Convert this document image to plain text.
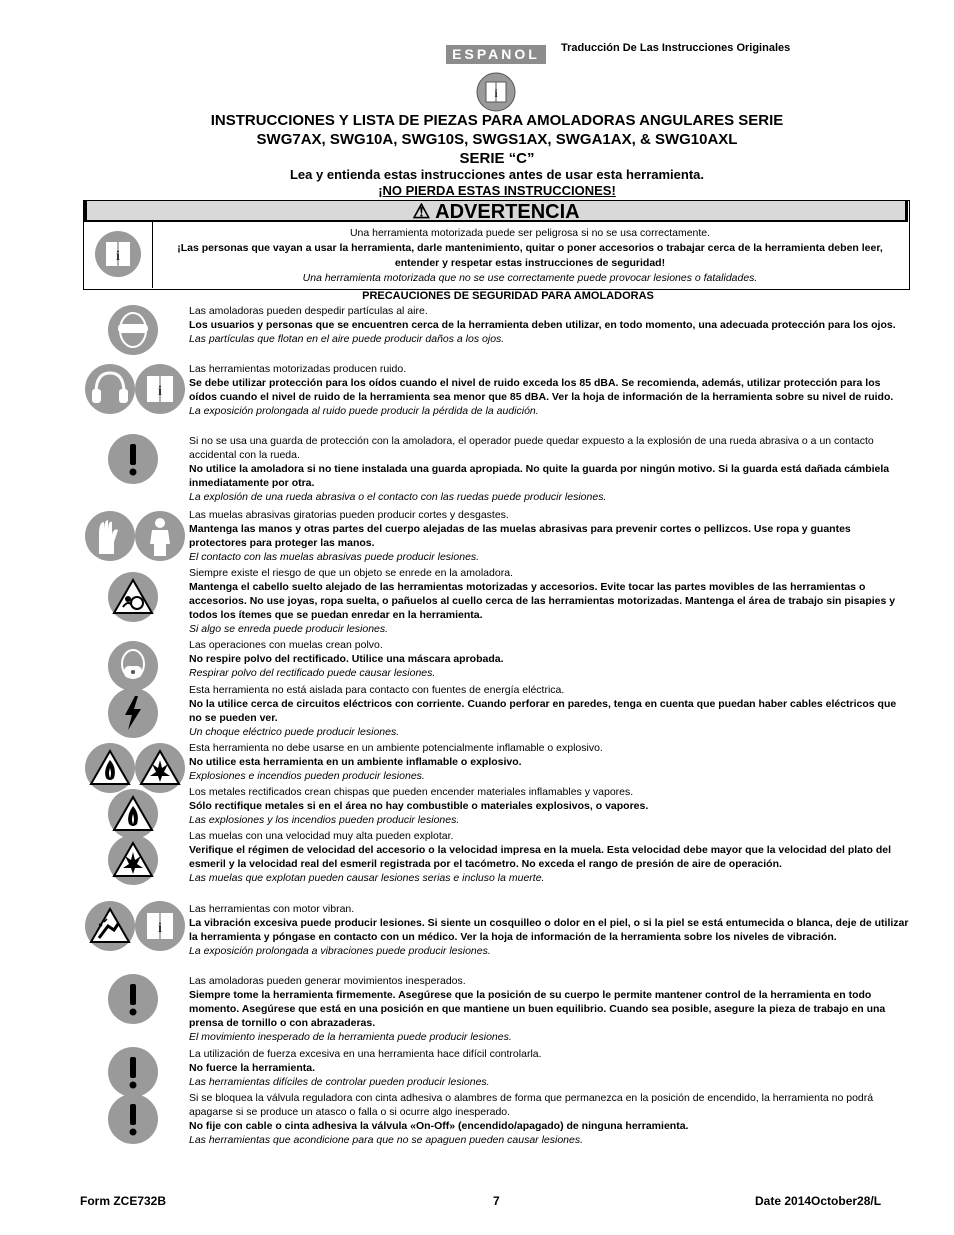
ESPANOL	Traducción De Las Instrucciones Originales
i
INSTRUCCIONES Y LISTA DE PIEZAS PARA AMOLADORAS ANGULARES SERIE
SWG7AX, SWG10A, SWG10S, SWGS1AX, SWGA1AX, & SWG10AXL
SERIE “C”
Lea y entienda estas instrucciones antes de usar esta herramienta.
¡NO PIERDA ESTAS INSTRUCCIONES!
⚠ ADVERTENCIA
i
Una herramienta motorizada puede ser peligrosa si no se usa correctamente.
¡Las personas que vayan a usar la herramienta, darle mantenimiento, quitar o poner accesorios o trabajar cerca de la herramienta deben leer, entender y respetar estas instrucciones de seguridad!
Una herramienta motorizada que no se use correctamente puede provocar lesiones o fatalidades.
PRECAUCIONES DE SEGURIDAD PARA AMOLADORAS
i
i

Las amoladoras pueden despedir partículas al aire.

Los usuarios y personas que se encuentren cerca de la herramienta deben utilizar, en todo momento, una adecuada protección para los ojos.

Las partículas que flotan en el aire puede producir daños a los ojos.

Las herramientas motorizadas producen ruido.

Se debe utilizar protección para los oídos cuando el nivel de ruido exceda los 85 dBA. Se recomienda, además, utilizar protección para los oídos cuando el nivel de ruido de la herramienta sea menor que 85 dBA. Ver la hoja de información de la herramienta sobre su nivel de ruido.

La exposición prolongada al ruido puede producir la pérdida de la audición.

Si no se usa una guarda de protección con la amoladora, el operador puede quedar expuesto a la explosión de una rueda abrasiva o a un contacto accidental con la rueda.

No utilice la amoladora si no tiene instalada una guarda apropiada. No quite la guarda por ningún motivo. Si la guarda está dañada cámbiela inmediatamente por otra.

La explosión de una rueda abrasiva o el contacto con las ruedas puede producir lesiones.

Las muelas abrasivas giratorias pueden producir cortes y desgastes.

Mantenga las manos y otras partes del cuerpo alejadas de las muelas abrasivas para prevenir cortes o pellizcos. Use ropa y guantes protectores para proteger las manos.

El contacto con las muelas abrasivas puede producir lesiones.

Siempre existe el riesgo de que un objeto se enrede en la amoladora.

Mantenga el cabello suelto alejado de las herramientas motorizadas y accesorios. Evite tocar las partes movibles de las herramientas o accesorios. No use joyas, ropa suelta, o pañuelos al cuello cerca de las herramientas motorizadas. Mantenga el área de trabajo sin pisapies y todos los ítemes que se puedan enredar en la herramienta.

Si algo se enreda puede producir lesiones.

Las operaciones con muelas crean polvo.

No respire polvo del rectificado. Utilice una máscara aprobada.

Respirar polvo del rectificado puede causar lesiones.

Esta herramienta no está aislada para contacto con fuentes de energía eléctrica.

No la utilice cerca de circuitos eléctricos con corriente. Cuando perforar en paredes, tenga en cuenta que puedan haber cables eléctricos que no se pueden ver.

Un choque eléctrico puede producir lesiones.

Esta herramienta no debe usarse en un ambiente potencialmente inflamable o explosivo.

No utilice esta herramienta en un ambiente inflamable o explosivo.

Explosiones e incendios pueden producir lesiones.

Los metales rectificados crean chispas que pueden encender materiales inflamables y vapores.

Sólo rectifique metales si en el área no hay combustible o materiales explosivos, o vapores.

Las explosiones y los incendios pueden producir lesiones.

Las muelas con una velocidad muy alta pueden explotar.

Verifique el régimen de velocidad del accesorio o la velocidad impresa en la muela. Esta velocidad debe mayor que la velocidad del plato del esmeril y la velocidad real del esmeril registrada por el tacómetro. No exceda el rango de presión de aire de operación.

Las muelas que explotan pueden causar lesiones serias e incluso la muerte.

Las herramientas con motor vibran.

La vibración excesiva puede producir lesiones. Si siente un cosquilleo o dolor en el piel, o si la piel se está entumecida o blanca, deje de utilizar la herramienta y póngase en contacto con un médico. Ver la hoja de información de la herramienta sobre los niveles de vibración.

La exposición prolongada a vibraciones puede producir lesiones.

Las amoladoras pueden generar movimientos inesperados.

Siempre tome la herramienta firmemente. Asegúrese que la posición de su cuerpo le permite mantener control de la herramienta en todo momento. Asegúrese que está en una posición en que mantiene un buen equilibrio. Cuando sea posible, asegure la pieza de trabajo en una prensa de tornillo o con abrazaderas.

El movimiento inesperado de la herramienta puede producir lesiones.

La utilización de fuerza excesiva en una herramienta hace difícil controlarla.

No fuerce la herramienta.

Las herramientas difíciles de controlar pueden producir lesiones.

Si se bloquea la válvula reguladora con cinta adhesiva o alambres de forma que permanezca en la posición de encendido, la herramienta no podrá apagarse si se produce un atasco o falla o si ocurre algo inesperado.

No fije con cable o cinta adhesiva la válvula «On-Off» (encendido/apagado) de ninguna herramienta.

Las herramientas que acondicione para que no se apaguen pueden causar lesiones.

Form ZCE732B	7	Date 2014October28/L
